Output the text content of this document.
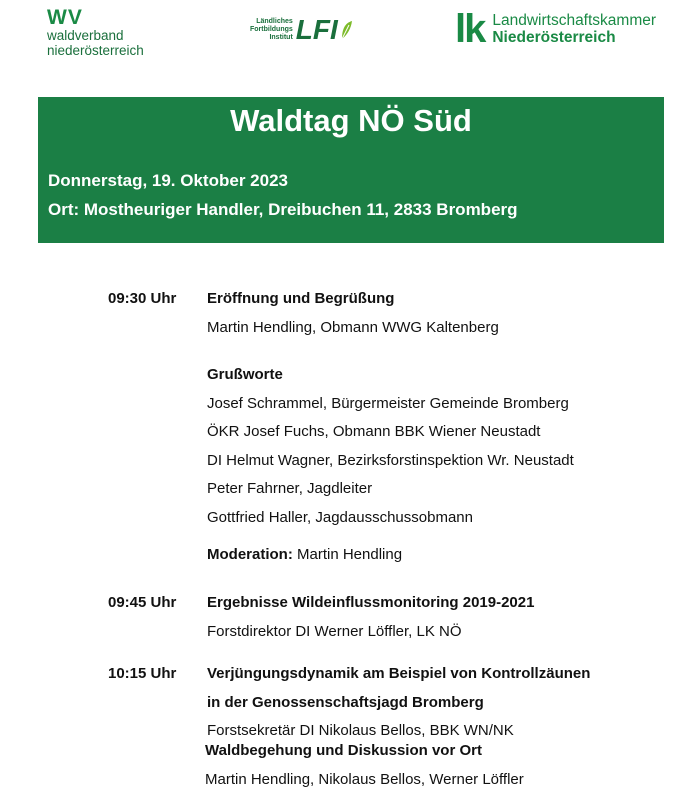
WV
waldverband
niederösterreich
Ländliches
Fortbildungs
Institut LFI	lk Landwirtschaftskammer
Niederösterreich
Waldtag NÖ Süd
Donnerstag, 19. Oktober 2023
Ort: Mostheuriger Handler, Dreibuchen 11, 2833 Bromberg
09:30 Uhr Eröffnung und Begrüßung
Martin Hendling, Obmann WWG Kaltenberg
Grußworte
Josef Schrammel, Bürgermeister Gemeinde Bromberg
ÖKR Josef Fuchs, Obmann BBK Wiener Neustadt
DI Helmut Wagner, Bezirksforstinspektion Wr. Neustadt
Peter Fahrner, Jagdleiter
Gottfried Haller, Jagdausschussobmann
Moderation: Martin Hendling
09:45 Uhr Ergebnisse Wildeinflussmonitoring 2019-2021
Forstdirektor DI Werner Löffler, LK NÖ
10:15 Uhr Verjüngungsdynamik am Beispiel von Kontrollzäunen
in der Genossenschaftsjagd Bromberg
Forstsekretär DI Nikolaus Bellos, BBK WN/NK
Waldbegehung und Diskussion vor Ort
Martin Hendling, Nikolaus Bellos, Werner Löffler
